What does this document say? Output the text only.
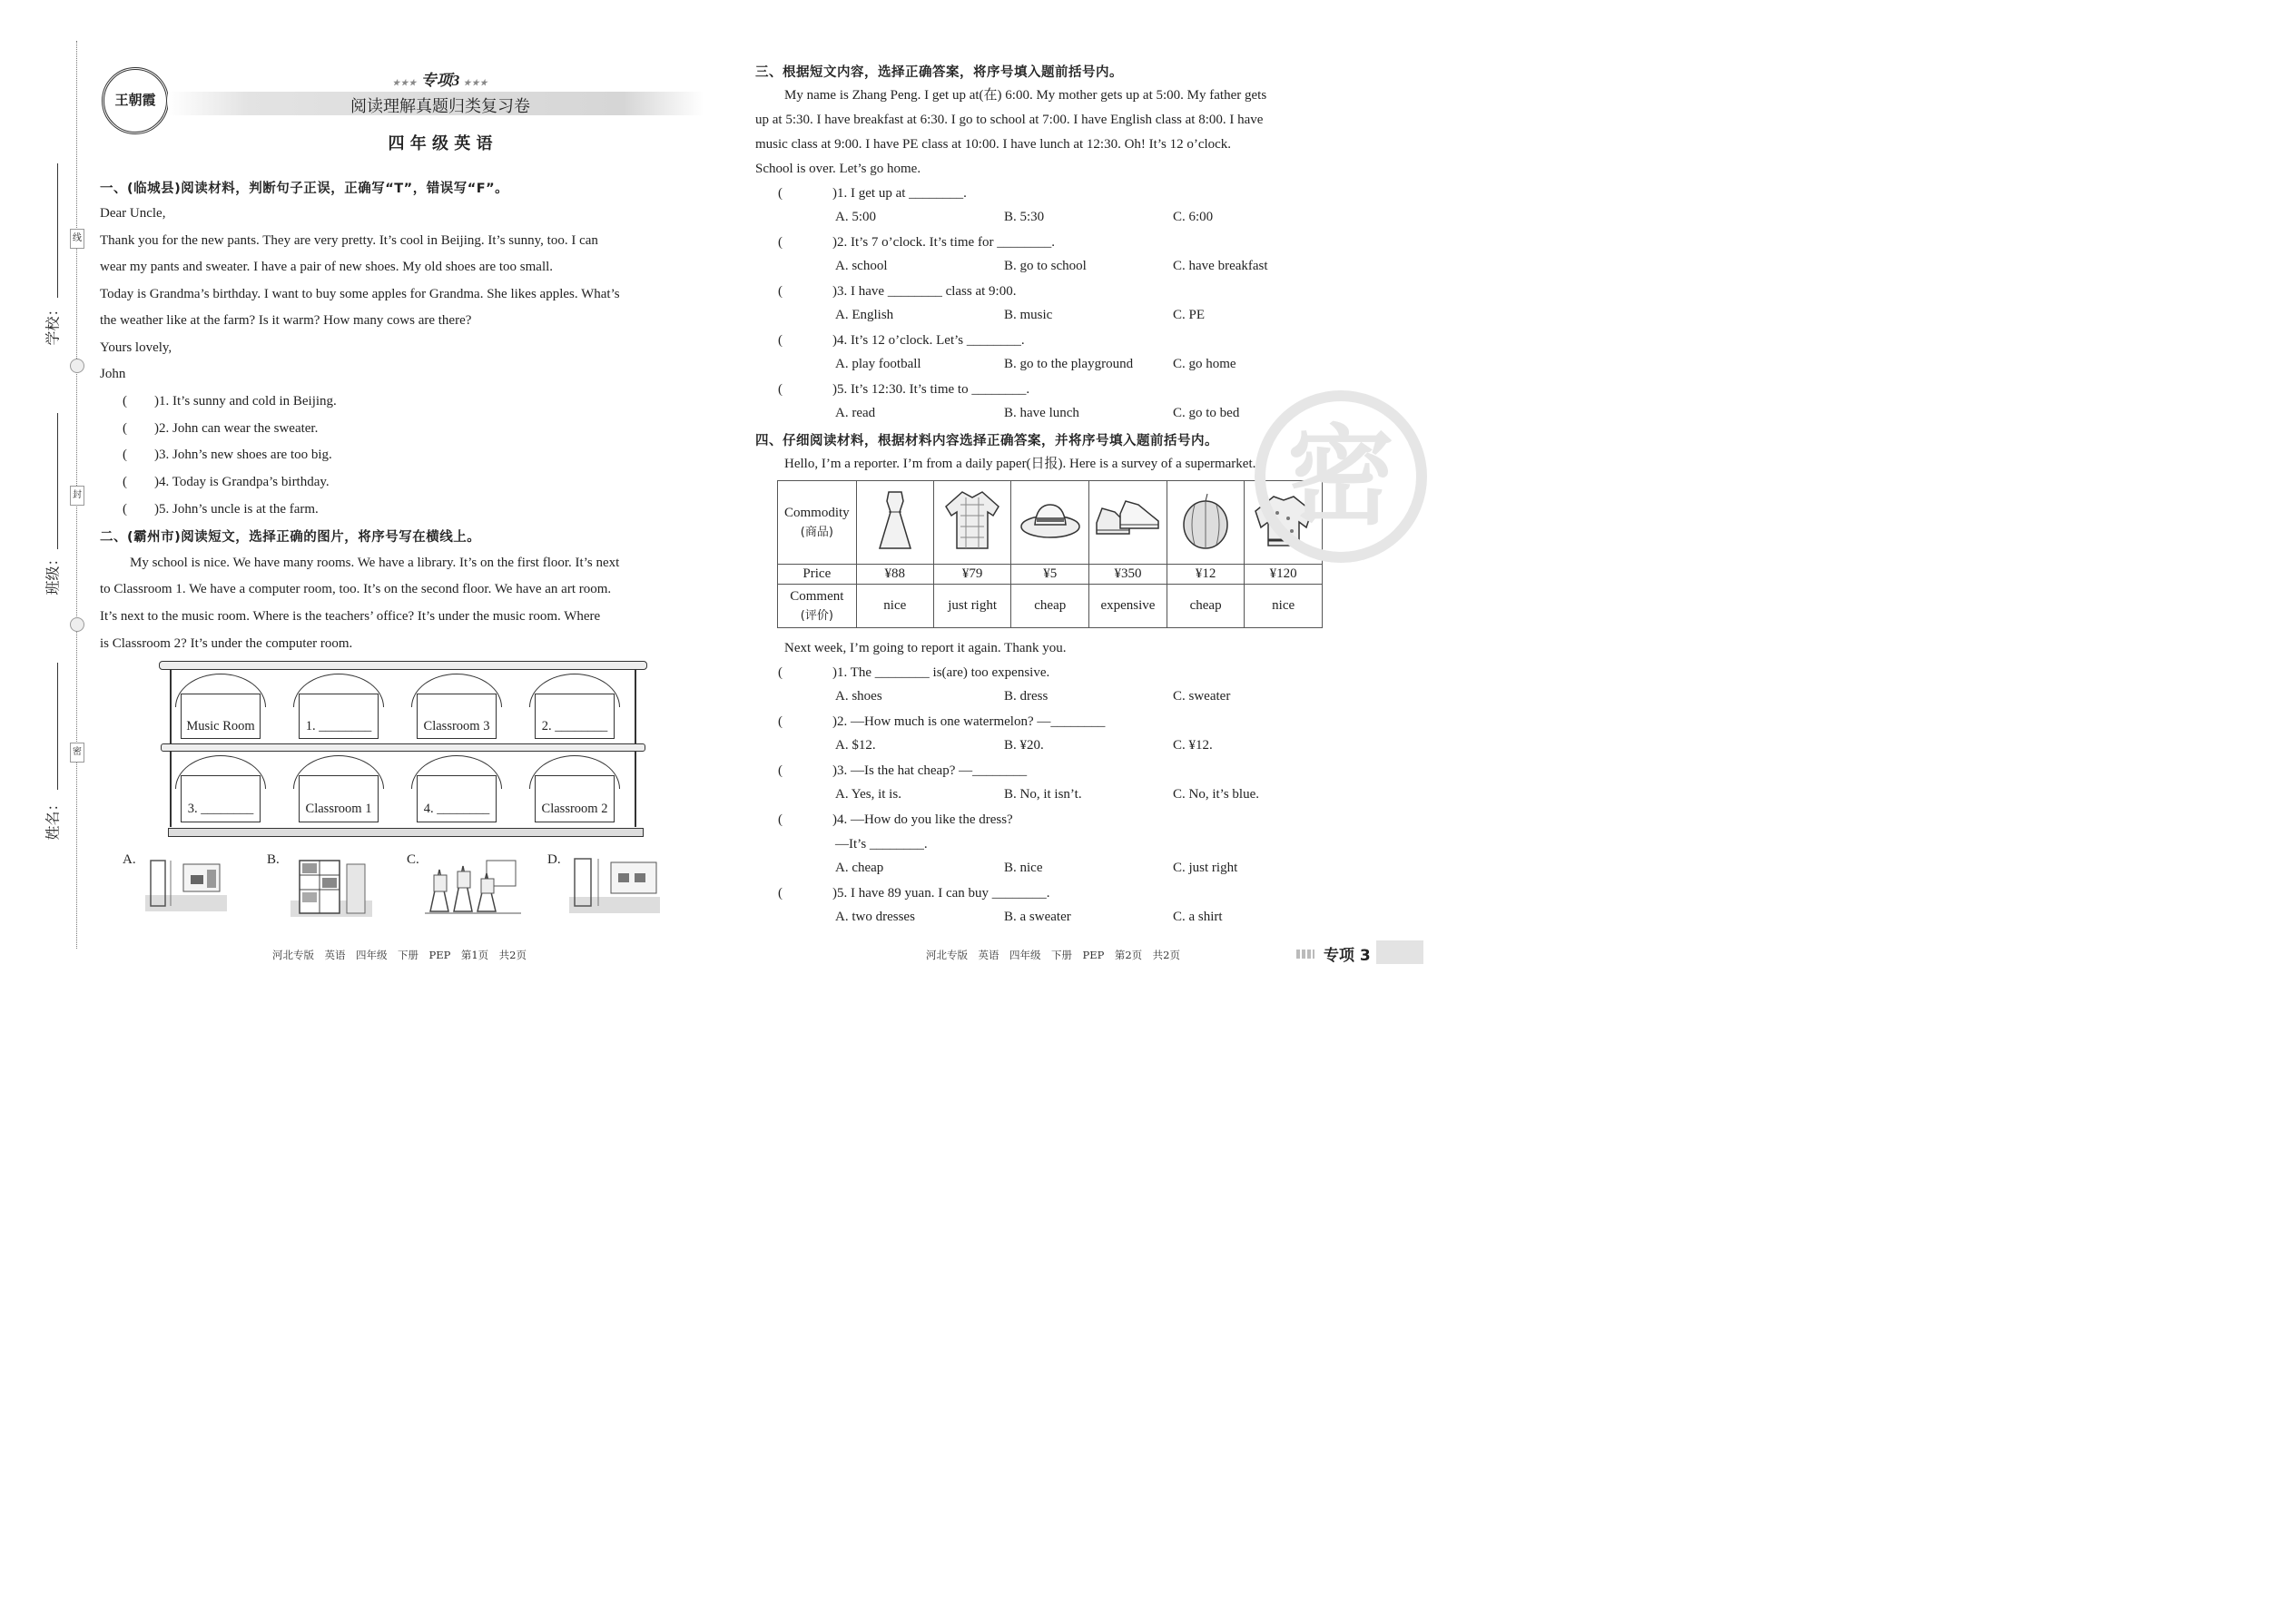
线
封
密
学校：
班级：
姓名：
王朝霞
★★★ 专项3 ★★★
阅读理解真题归类复习卷
四 年 级 英 语
一、(临城县)阅读材料，判断句子正误，正确写“T”，错误写“F”。
Dear Uncle,
Thank you for the new pants. They are very pretty. It’s cool in Beijing. It’s sunny, too. I can
wear my pants and sweater. I have a pair of new shoes. My old shoes are too small.
Today is Grandma’s birthday. I want to buy some apples for Grandma. She likes apples. What’s
the weather like at the farm? Is it warm? How many cows are there?
Yours lovely,
John
(　　)1. It’s sunny and cold in Beijing.
(　　)2. John can wear the sweater.
(　　)3. John’s new shoes are too big.
(　　)4. Today is Grandpa’s birthday.
(　　)5. John’s uncle is at the farm.
二、(霸州市)阅读短文，选择正确的图片，将序号写在横线上。
My school is nice. We have many rooms. We have a library. It’s on the first floor. It’s next
to Classroom 1. We have a computer room, too. It’s on the second floor. We have an art room.
It’s next to the music room. Where is the teachers’ office? It’s under the music room. Where
is Classroom 2? It’s under the computer room.
Music Room	1. ________	Classroom 3	2. ________
3. ________	Classroom 1	4. ________	Classroom 2
A.	B.	C.	D.
河北专版　英语　四年级　下册　PEP　第1页　共2页
三、根据短文内容，选择正确答案，将序号填入题前括号内。
My name is Zhang Peng. I get up at(在) 6:00. My mother gets up at 5:00. My father gets
up at 5:30. I have breakfast at 6:30. I go to school at 7:00. I have English class at 8:00. I have
music class at 9:00. I have PE class at 10:00. I have lunch at 12:30. Oh! It’s 12 o’clock.
School is over. Let’s go home.
(	)1. I get up at ________.
A. 5:00	B. 5:30	C. 6:00
(	)2. It’s 7 o’clock. It’s time for ________.
A. school	B. go to school	C. have breakfast
(	)3. I have ________ class at 9:00.
A. English	B. music	C. PE
(	)4. It’s 12 o’clock. Let’s ________.
A. play football	B. go to the playground	C. go home
(	)5. It’s 12:30. It’s time to ________.
A. read	B. have lunch	C. go to bed
四、仔细阅读材料，根据材料内容选择正确答案，并将序号填入题前括号内。
Hello, I’m a reporter. I’m from a daily paper(日报). Here is a survey of a supermarket.
Commodity
(商品)

Price	¥88	¥79	¥5	¥350	¥12	¥120

Comment
(评价)	nice	just right	cheap	expensive	cheap	nice
Next week, I’m going to report it again. Thank you.
(	)1. The ________ is(are) too expensive.
A. shoes	B. dress	C. sweater
(	)2. —How much is one watermelon? —________
A. $12.	B. ¥20.	C. ¥12.
(	)3. —Is the hat cheap? —________
A. Yes, it is.	B. No, it isn’t.	C. No, it’s blue.
(	)4. —How do you like the dress?
—It’s ________.
A. cheap	B. nice	C. just right
(	)5. I have 89 yuan. I can buy ________.
A. two dresses	B. a sweater	C. a shirt
密
河北专版　英语　四年级　下册　PEP　第2页　共2页	专项 3
